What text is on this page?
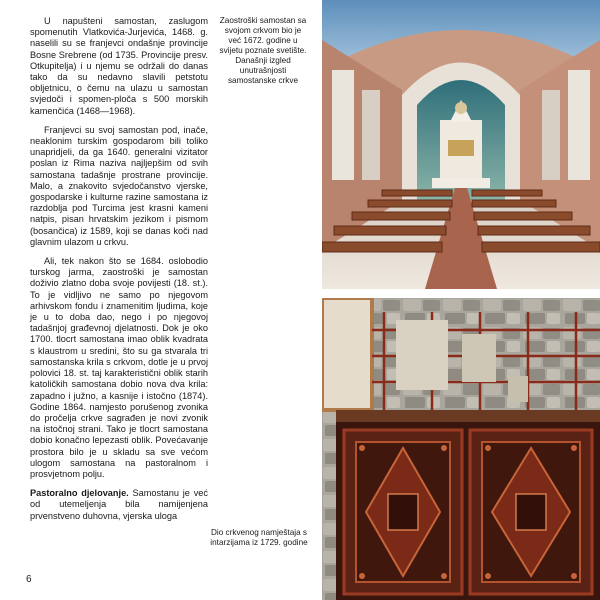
U napušteni samostan, zaslugom spomenutih Vlatkovića-Jurjevića, 1468. g. naselili su se franjevci ondašnje provincije Bosne Srebrene (od 1735. Provincije presv. Otkupitelja) i u njemu se održali do danas tako da su nedavno slavili petstotu obljetnicu, o čemu na ulazu u samostan svjedoči i spomen-ploča s 500 morskih kamenčića (1468—1968).

Franjevci su svoj samostan pod, inače, neaklonim turskim gospodarom bili toliko unapridjeli, da ga 1640. generalni vizitator poslan iz Rima naziva najljepšim od svih samostana tadašnje prostrane provincije. Malo, a znakovito svjedočanstvo vjerske, gospodarske i kulturne razine samostana iz razdoblja pod Turcima jest krasni kameni natpis, pisan hrvatskim jezikom i pismom (bosančica) iz 1589, koji se danas koči nad glavnim ulazom u crkvu.

Ali, tek nakon što se 1684. oslobodio turskog jarma, zaostroški je samostan doživio zlatno doba svoje povijesti (18. st.). To je vidljivo ne samo po njegovom arhivskom fondu i znamenitim ljudima, koje je u to doba dao, nego i po njegovoj tadašnjoj građevnoj djelatnosti. Dok je oko 1700. tlocrt samostana imao oblik kvadrata s klaustrom u sredini, što su ga stvarala tri samostanska krila s crkvom, dotle je u prvoj polovici 18. st. taj karakteristični oblik starih katoličkih samostana dobio nova dva krila: zapadno i južno, a kasnije i istočno (1874). Godine 1864. namjesto porušenog zvonika do pročelja crkve sagrađen je novi zvonik na istočnoj strani. Tako je tlocrt samostana dobio konačno lepezasti oblik. Povećavanje prostora bilo je u skladu sa sve većom ulogom samostana na pastoralnom i prosvjetnom polju.

Pastoralno djelovanje. Samostanu je već od utemeljenja bila namijenjena prvenstveno duhovna, vjerska uloga

6
Zaostroški samostan sa svojom crkvom bio je već 1672. godine u svijetu poznate svetište. Današnji izgled unutrašnjosti samostanske crkve
Dio crkvenog namještaja s intarzijama iz 1729. godine
